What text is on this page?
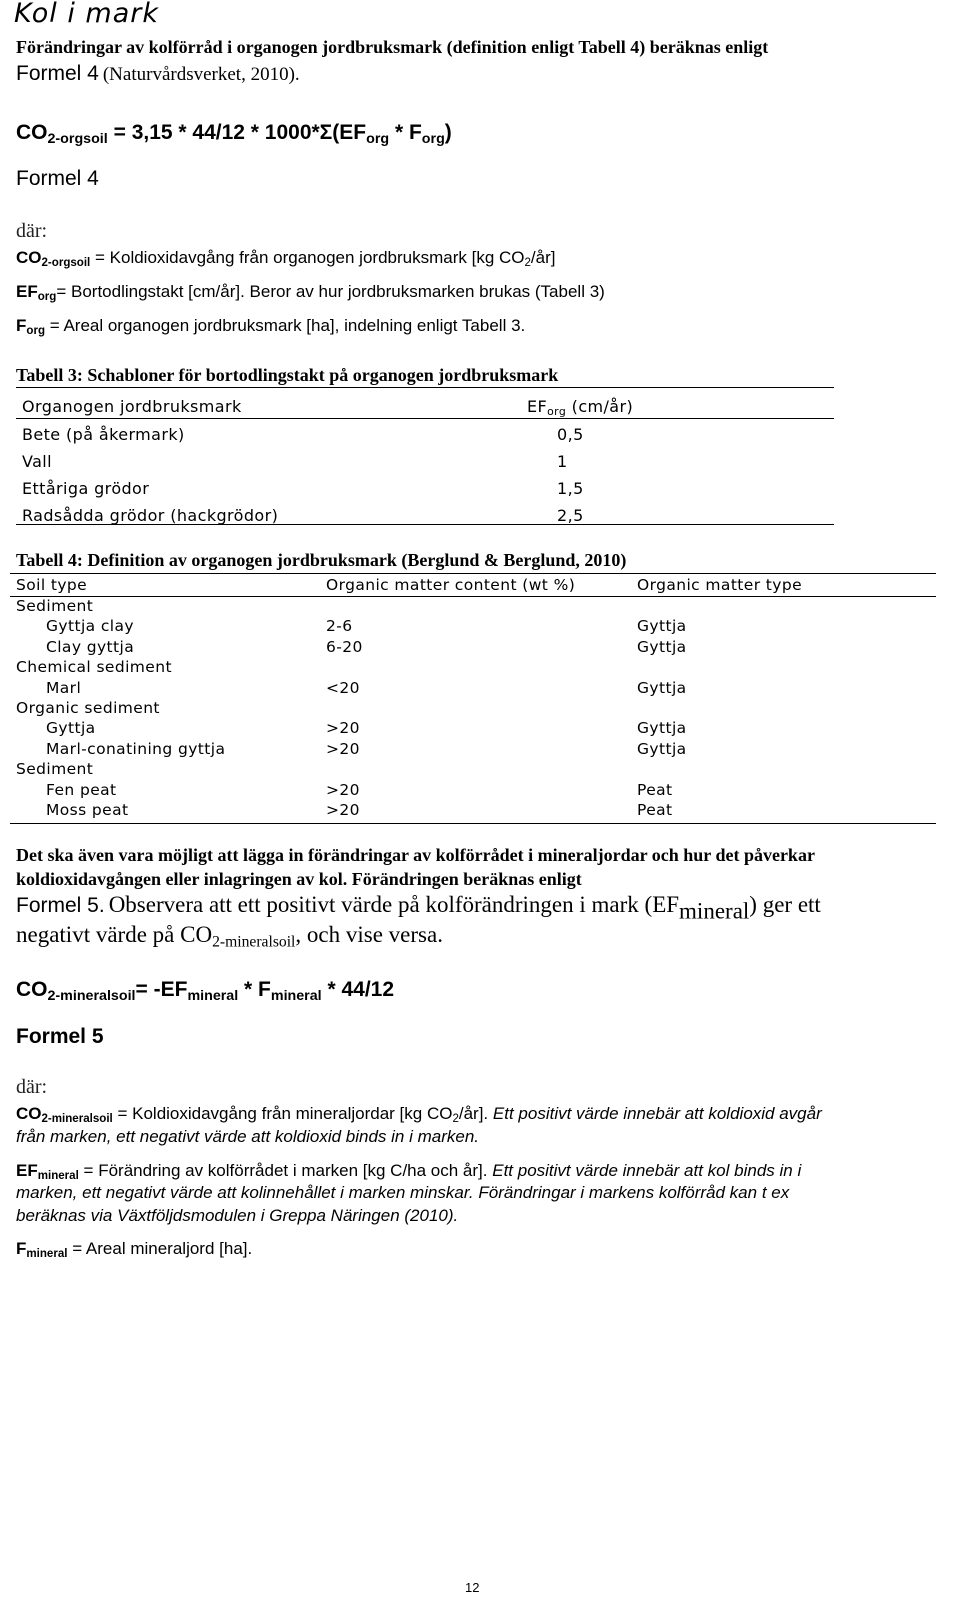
Kol i mark
Förändringar av kolförråd i organogen jordbruksmark (definition enligt Tabell 4) beräknas enligt
Formel 4 (Naturvårdsverket, 2010).
$CO_{2-orgsoil} = 3,15 * 44/12 * 1000*\Sigma(EF_{org} * F_{org})$
Formel 4
där:
$CO_{2-orgsoil}$ = Koldioxidavgång från organogen jordbruksmark [kg $CO_2/år$]
$EF_{org}=$ Bortodlingstakt [cm/år]. Beror av hur jordbruksmarken brukas (Tabell 3)
$F_{org}$ = Areal organogen jordbruksmark [ha], indelning enligt Tabell 3.
Tabell 3: Schabloner för bortodlingstakt på organogen jordbruksmark
Organogen jordbruksmark	$EF_{org}$ (cm/år)
Bete (på åkermark)	0,5
Vall	1
Ettåriga grödor	1,5
Radsådda grödor (hackgrödor)	2,5
Tabell 4: Definition av organogen jordbruksmark (Berglund & Berglund, 2010)
Soil type	Organic matter content (wt %)	Organic matter type
Sediment
Gyttja clay	2-6	Gyttja
Clay gyttja	6-20	Gyttja
Chemical sediment
Marl	<20	Gyttja
Organic sediment
Gyttja	>20	Gyttja
Marl-conatining gyttja	>20	Gyttja
Sediment
Fen peat	>20	Peat
Moss peat	>20	Peat
Det ska även vara möjligt att lägga in förändringar av kolförrådet i mineraljordar och hur det påverkar
koldioxidavgången eller inlagringen av kol. Förändringen beräknas enligt
Formel 5. Observera att ett positivt värde på kolförändringen i mark $(EF_{mineral})$ ger ett
negativt värde på $CO_{2-mineralsoil}$, och vise versa.
$CO_{2-mineralsoil}= -EF_{mineral} * F_{mineral} * 44/12$
Formel 5
där:
$CO_{2-mineralsoil}$ = Koldioxidavgång från mineraljordar [kg $CO_2/år$]. Ett positivt värde innebär att koldioxid avgår
från marken, ett negativt värde att koldioxid binds in i marken.
$EF_{mineral}$ = Förändring av kolförrådet i marken [kg C/ha och år]. Ett positivt värde innebär att kol binds in i
marken, ett negativt värde att kolinnehållet i marken minskar. Förändringar i markens kolförråd kan t ex
beräknas via Växtföljdsmodulen i Greppa Näringen (2010).
$F_{mineral}$ = Areal mineraljord [ha].
12
